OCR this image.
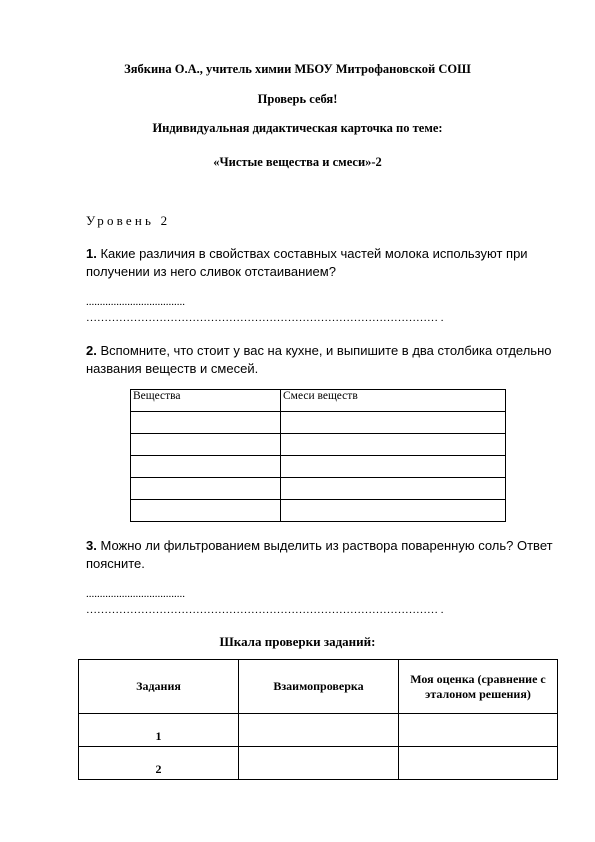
Зябкина О.А., учитель химии МБОУ Митрофановской СОШ
Проверь себя!
Индивидуальная дидактическая карточка по теме:
«Чистые вещества и смеси»-2
Уровень 2
1. Какие различия в свойствах составных частей молока используют при получении из него сливок отстаиванием?
....................................
…………………………………………………………………………………… .
2. Вспомните, что стоит у вас на кухне, и выпишите в два столбика отдельно названия веществ и смесей.
Вещества	Смеси веществ

3. Можно ли фильтрованием выделить из раствора поваренную соль? Ответ поясните.
....................................
…………………………………………………………………………………… .
Шкала проверки заданий:
Задания	Взаимопроверка	Моя оценка (сравнение с эталоном решения)
1		
2		
